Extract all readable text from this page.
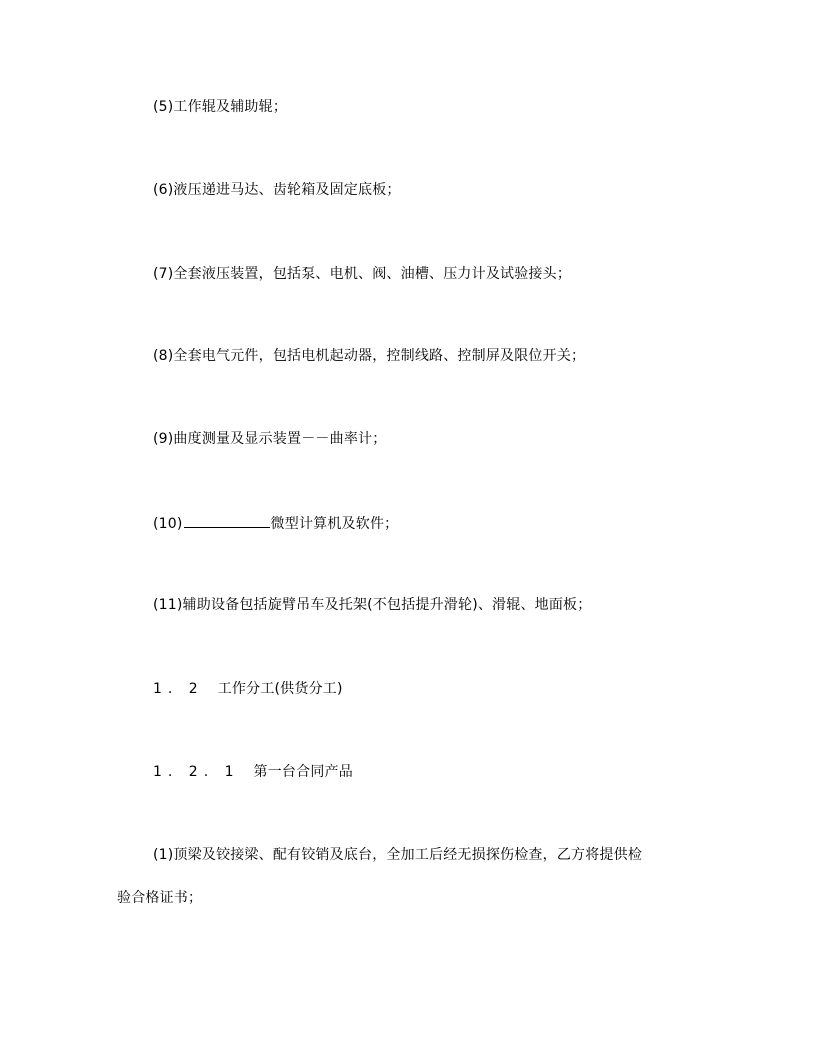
(5)工作辊及辅助辊；
(6)液压递进马达、齿轮箱及固定底板；
(7)全套液压装置，包括泵、电机、阀、油槽、压力计及试验接头；
(8)全套电气元件，包括电机起动器，控制线路、控制屏及限位开关；
(9)曲度测量及显示装置－－曲率计；
(10)	微型计算机及软件；
(11)辅助设备包括旋臂吊车及托架(不包括提升滑轮)、滑辊、地面板；
1. 2 工作分工(供货分工)
1. 2. 1 第一台合同产品
(1)顶梁及铰接梁、配有铰销及底台，全加工后经无损探伤检查，乙方将提供检
验合格证书；
